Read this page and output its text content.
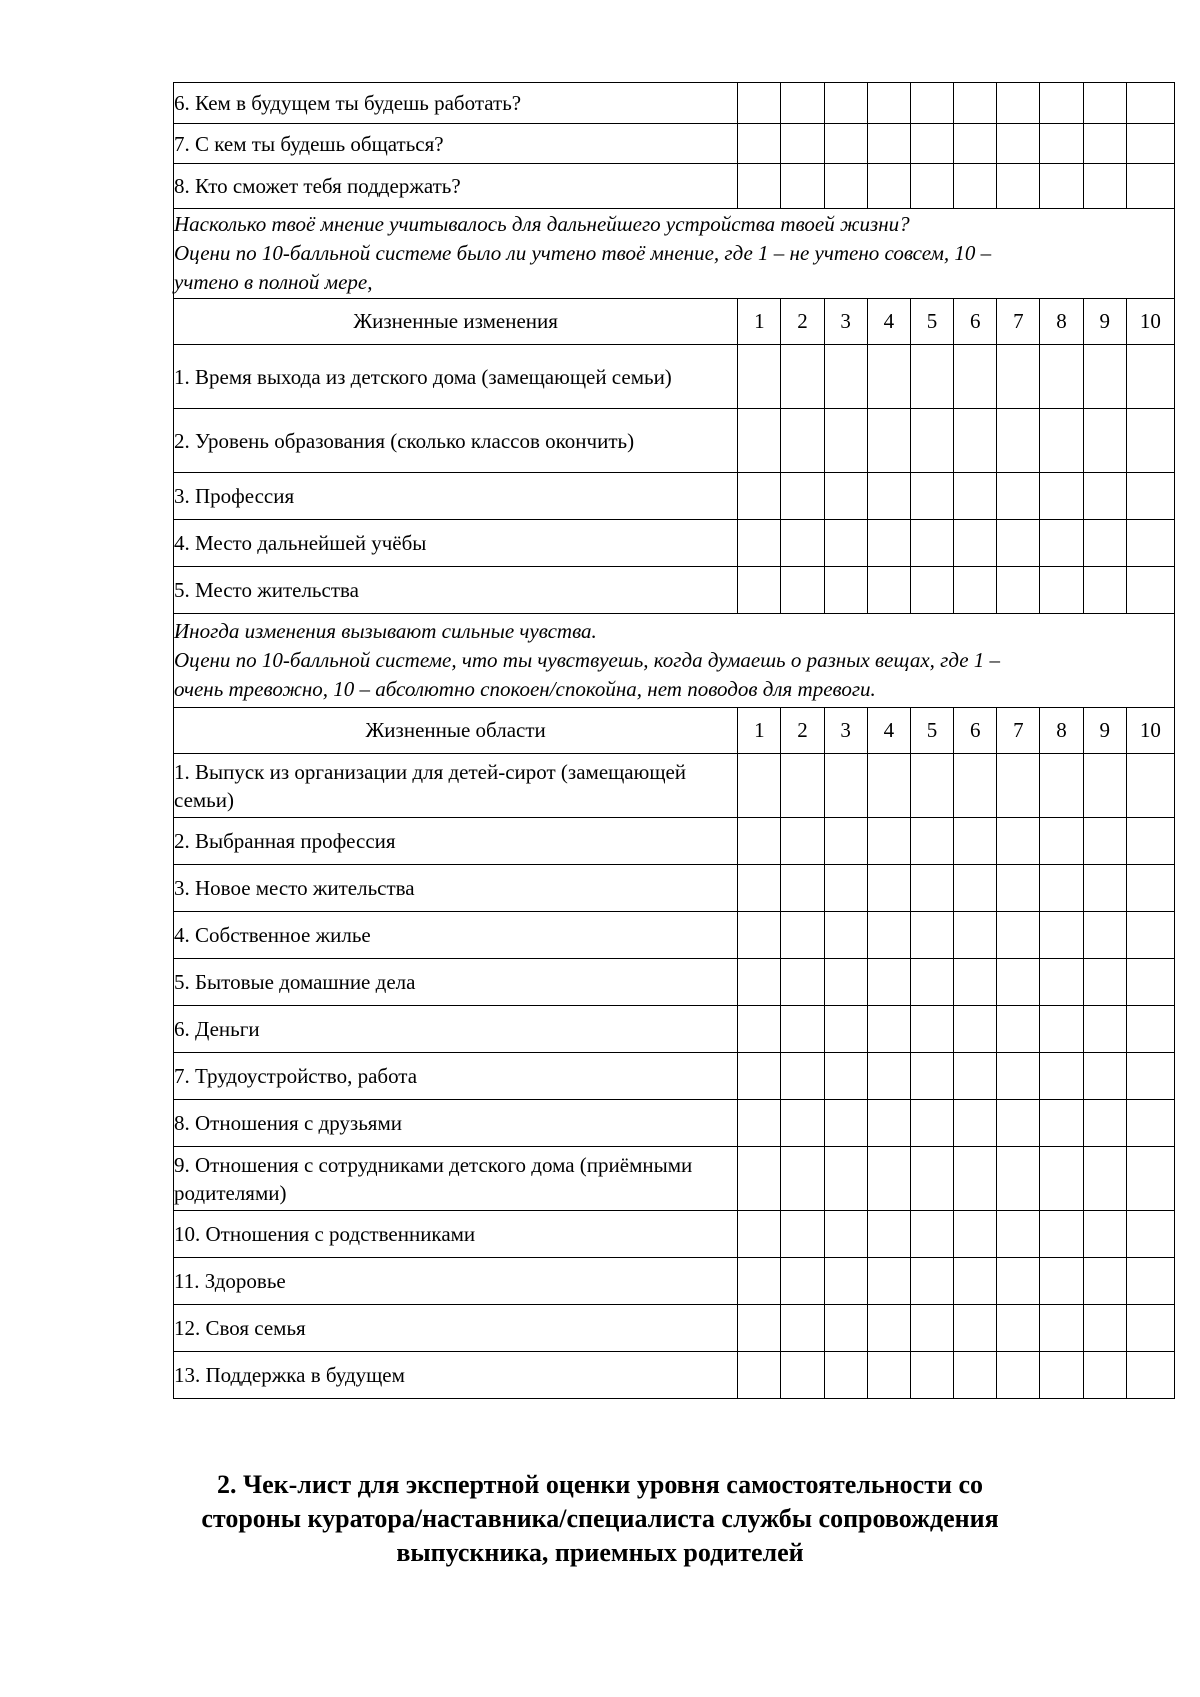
6. Кем в будущем ты будешь работать?										
7. С кем ты будешь общаться?										
8. Кто сможет тебя поддержать?										

Насколько твоё мнение учитывалось для дальнейшего устройства твоей жизни?
Оцени по 10-балльной системе было ли учтено твоё мнение, где 1 – не учтено совсем, 10 –
учтено в полной мере,										

Жизненные изменения	1	2	3	4	5	6	7	8	9	10
1. Время выхода из детского дома (замещающей семьи)										
2. Уровень образования (сколько классов окончить)										
3. Профессия										
4. Место дальнейшей учёбы										
5. Место жительства										

Иногда изменения вызывают сильные чувства.
Оцени по 10-балльной системе, что ты чувствуешь, когда думаешь о разных вещах, где 1 –
очень тревожно, 10 – абсолютно спокоен/спокойна, нет поводов для тревоги.										

Жизненные области	1	2	3	4	5	6	7	8	9	10
1. Выпуск из организации для детей-сирот (замещающей семьи)										
2. Выбранная профессия										
3. Новое место жительства										
4. Собственное жилье										
5. Бытовые домашние дела										
6. Деньги										
7. Трудоустройство, работа										
8. Отношения с друзьями										
9. Отношения с сотрудниками детского дома (приёмными родителями)										
10. Отношения с родственниками										
11. Здоровье										
12. Своя семья										
13. Поддержка в будущем										
2. Чек-лист для экспертной оценки уровня самостоятельности со
стороны куратора/наставника/специалиста службы сопровождения
выпускника, приемных родителей
